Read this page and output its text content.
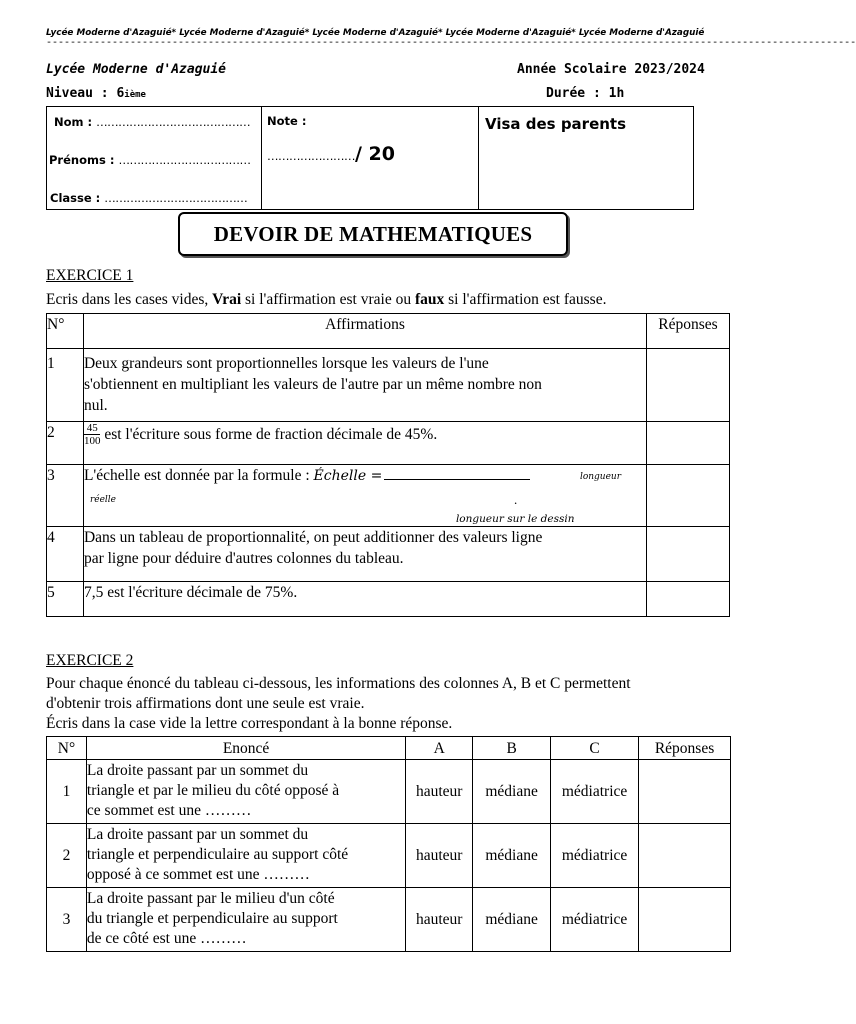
Lycée Moderne d'Azaguié* Lycée Moderne d'Azaguié* Lycée Moderne d'Azaguié* Lycée Moderne d'Azaguié* Lycée Moderne d'Azaguié
---------------------------------------------------------------------------------------------------------------------------------------
Lycée Moderne d'Azaguié	Année Scolaire 2023/2024
Niveau : 6ième	Durée : 1h
Nom : ……………………………………
Prénoms : ………………………………
Classe : …………………………………
Note :
……………………/ 20
Visa des parents
DEVOIR DE MATHEMATIQUES
EXERCICE 1
Ecris dans les cases vides, Vrai si l'affirmation est vraie ou faux si l'affirmation est fausse.
N°	Affirmations	Réponses
1	Deux grandeurs sont proportionnelles lorsque les valeurs de l'une
s'obtiennent en multipliant les valeurs de l'autre par un même nombre non
nul.	

2	$\frac{45}{100}$ est l'écriture sous forme de fraction décimale de 45%.	
3	L'échelle est donnée par la formule : Échelle = longueur
réelle .
longueur sur le dessin	

4	Dans un tableau de proportionnalité, on peut additionner des valeurs ligne
par ligne pour déduire d'autres colonnes du tableau.	

5	7,5 est l'écriture décimale de 75%.	
EXERCICE 2
Pour chaque énoncé du tableau ci-dessous, les informations des colonnes A, B et C permettent
d'obtenir trois affirmations dont une seule est vraie.
Écris dans la case vide la lettre correspondant à la bonne réponse.
N°	Enoncé	A	B	C	Réponses
1	La droite passant par un sommet du
triangle et par le milieu du côté opposé à
ce sommet est une ………	hauteur	médiane	médiatrice	
2	La droite passant par un sommet du
triangle et perpendiculaire au support côté
opposé à ce sommet est une ………	hauteur	médiane	médiatrice	
3	La droite passant par le milieu d'un côté
du triangle et perpendiculaire au support
de ce côté est une ………	hauteur	médiane	médiatrice	
